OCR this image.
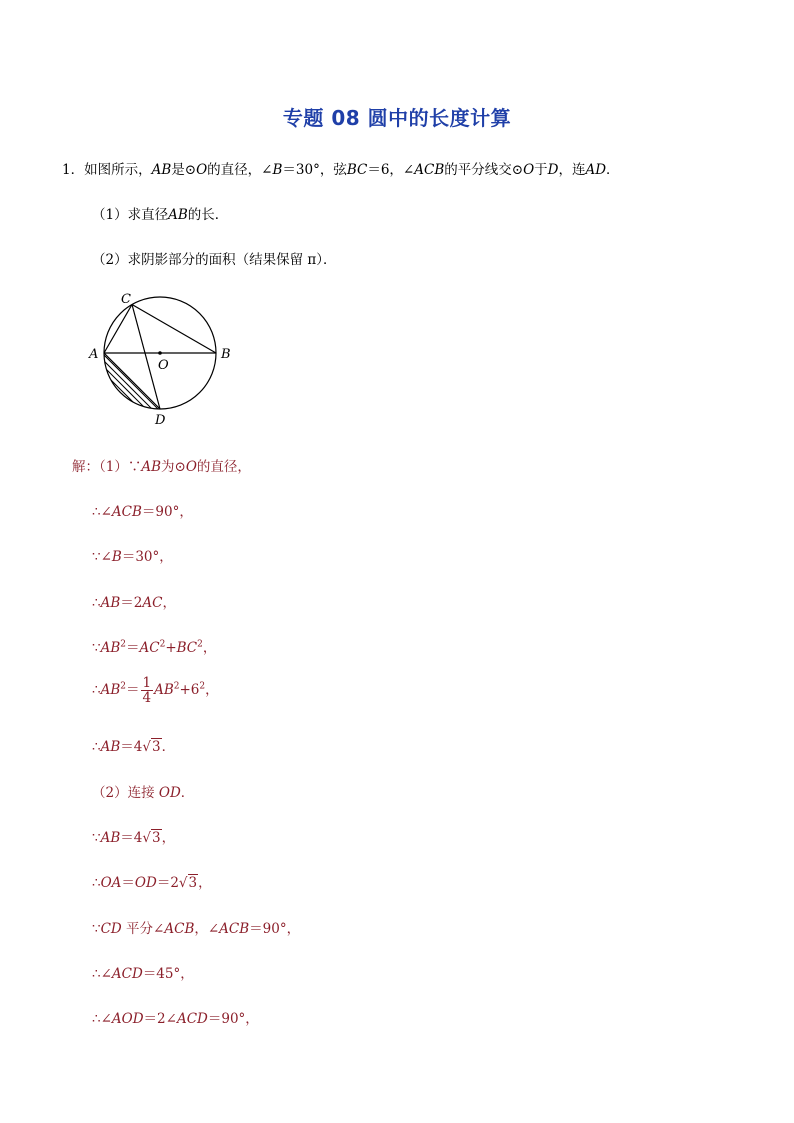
专题 08 圆中的长度计算
1．如图所示，AB是⊙O的直径，∠B＝30°，弦BC＝6，∠ACB的平分线交⊙O于D，连AD．
（1）求直径AB的长．
（2）求阴影部分的面积（结果保留 π）．
C
A	B
O
D
解：（1）∵AB为⊙O的直径，
∴∠ACB＝90°，
∵∠B＝30°，
∴AB＝2AC，
$\because AB^2=AC^2+BC^2$，
$\therefore AB^2= \frac{1}{4} AB^2+6^2$，
∴AB＝4√3．
（2）连接 OD．
∵AB＝4√3，
∴OA＝OD＝2√3，
∵CD 平分∠ACB，∠ACB＝90°，
∴∠ACD＝45°，
∴∠AOD＝2∠ACD＝90°，
